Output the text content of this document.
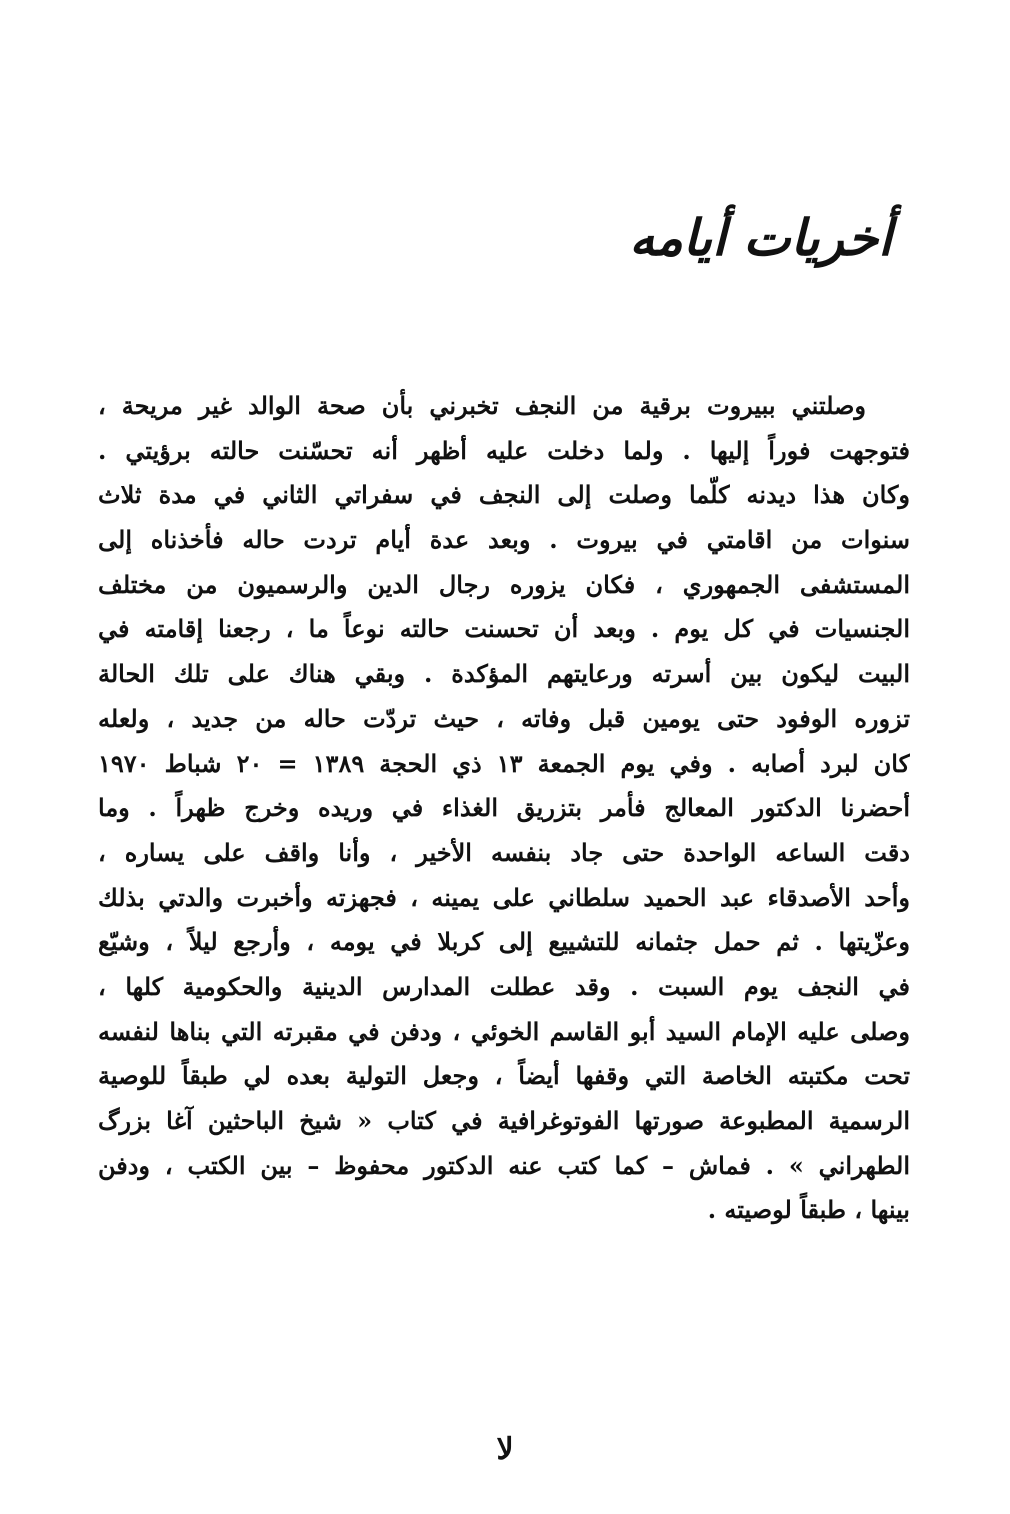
أخريات أيامه
وصلتني ببيروت برقية من النجف تخبرني بأن صحة الوالد غير مريحة ،
فتوجهت فوراً إليها . ولما دخلت عليه أظهر أنه تحسّنت حالته برؤيتي .
وكان هذا ديدنه كلّما وصلت إلى النجف في سفراتي الثاني في مدة ثلاث
سنوات من اقامتي في بيروت . وبعد عدة أيام تردت حاله فأخذناه إلى
المستشفى الجمهوري ، فكان يزوره رجال الدين والرسميون من مختلف
الجنسيات في كل يوم . وبعد أن تحسنت حالته نوعاً ما ، رجعنا إقامته في
البيت ليكون بين أسرته ورعايتهم المؤكدة . وبقي هناك على تلك الحالة
تزوره الوفود حتى يومين قبل وفاته ، حيث تردّت حاله من جديد ، ولعله
كان لبرد أصابه . وفي يوم الجمعة ١٣ ذي الحجة ١٣٨٩ = ٢٠ شباط ١٩٧٠
أحضرنا الدكتور المعالج فأمر بتزريق الغذاء في وريده وخرج ظهراً . وما
دقت الساعه الواحدة حتى جاد بنفسه الأخير ، وأنا واقف على يساره ،
وأحد الأصدقاء عبد الحميد سلطاني على يمينه ، فجهزته وأخبرت والدتي بذلك
وعزّيتها . ثم حمل جثمانه للتشييع إلى كربلا في يومه ، وأرجع ليلاً ، وشيّع
في النجف يوم السبت . وقد عطلت المدارس الدينية والحكومية كلها ،
وصلى عليه الإمام السيد أبو القاسم الخوئي ، ودفن في مقبرته التي بناها لنفسه
تحت مكتبته الخاصة التي وقفها أيضاً ، وجعل التولية بعده لي طبقاً للوصية
الرسمية المطبوعة صورتها الفوتوغرافية في كتاب « شيخ الباحثين آغا بزرگ
الطهراني » . فماش – كما كتب عنه الدكتور محفوظ – بين الكتب ، ودفن
بينها ، طبقاً لوصيته .
لا
